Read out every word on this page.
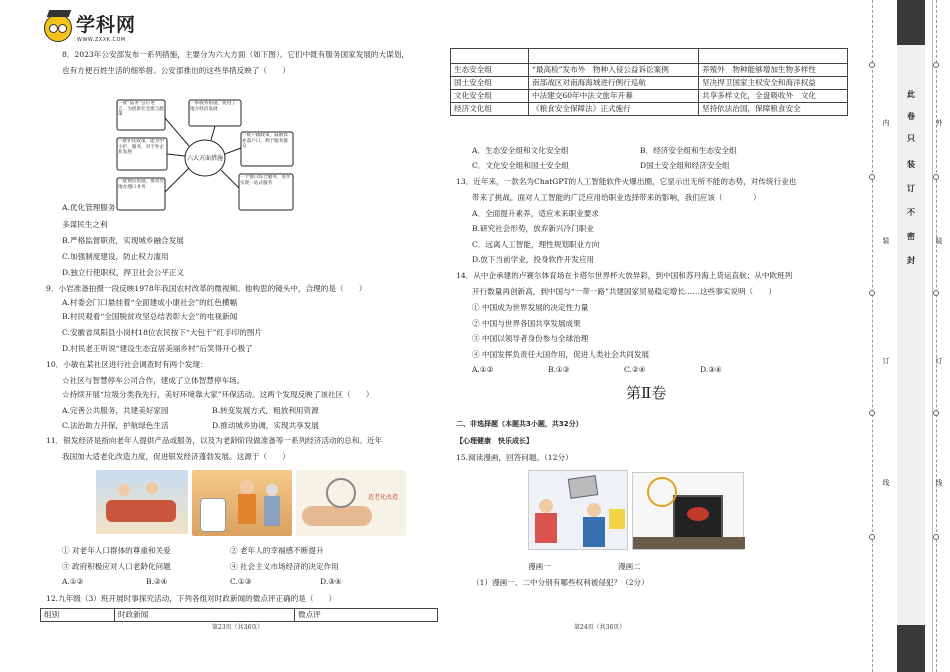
学科网
WWW.ZXXK.COM
8．2023年公安部发布一系列措施，主要分为六大方面（如下图）。它们中既有服务国家发展的大谋划，
也有方便百姓生活的细举措。公安部推出的这些举措反映了（　　）
六大方面措施
一批“法务”公正进言，为创新社会建言献策
一系服务措施，促进了地方经济发展
一批护民政策，能为中小护、服务，对于外企业发展
一批户籍政策，鼓励农业落户口，利于服务群众
一批便民措施，推动异地办理口业务
一个窗口综合服务，进步实现一站式服务
A.优化管理服务
多谋民生之利
B.严格监督职责，实现城乡融合发展
C.加强制度建设，防止权力滥用
D.独立行使职权，捍卫社会公平正义
9．小岩准备拍摄一段反映1978年我国农村改革的微视频。他构思的镜头中，合理的是（　　）
A.村委会门口悬挂着“全面建成小康社会”的红色横幅
B.村民观看“全国脱贫攻坚总结表彰大会”的电视新闻
C.安徽省凤阳县小岗村18位农民按下“大包干”红手印的图片
D.村民老王听说“建设生态宜居美丽乡村”后笑得开心极了
10．小敏在某社区进行社会调查时有两个发现：
☆社区与智慧停车公司合作，建成了立体智慧停车场。
☆持续开展“垃圾分类我先行，美好环境靠大家”环保活动。这两个发现反映了该社区（　　）
A.完善公共服务，共建美好家园	B.转变发展方式，粗放利用资源
C.法治助力开保，护航绿色生活	D.推动城乡协调，实现共享发展
11．银发经济是指向老年人提供产品或服务，以及为老龄阶段做准备等一系列经济活动的总和。近年
我国加大适老化改造力度，促进银发经济蓬勃发展。这源于（　　）
适老化改造
① 对老年人口群体的尊重和关爱	② 老年人的幸福感不断提升
③ 政府积极应对人口老龄化问题	④ 社会主义市场经济的决定作用
A.①②	B.②④	C.①③	D.③④
12.九年级（3）班开展时事探究活动，下列各组对时政新闻的微点评正确的是（　　）
组别	时政新闻	微点评
第23页（共36页）

生态安全组	“最高检”发布外　物种入侵公益诉讼案例	养殖外　物种能够增加生物多样性
国土安全组	南部战区对南海海域进行例行巡航	坚决捍卫国家主权安全和海洋权益
文化安全组	中法建交60年中法文旅年开幕	共享多样文化，全盘吸收外　文化
经济文化组	《粮食安全保障法》正式施行	坚持依法治国，保障粮食安全
A．生态安全组和文化安全组	B．经济安全组和生态安全组
C．文化安全组和国土安全组	D国土安全组和经济安全组
13．近年来，一款名为ChatGPT的人工智能软件火爆出圈，它显示出无所不能的态势，对传统行业也
带来了挑战。面对人工智能的广泛应用给职业选择带来的影响，我们应该（　　　　）
A．全面提升素养，适应未来职业要求
B.研究社会形势，放弃新兴冷门职业
C．远离人工智能，理性规划职业方向
D.放下当前学业，投身软件开发应用
14．从中企承建的卢赛尔体育场在卡塔尔世界杯大放异彩，到中国和苏丹海上货运直航；从中欧班列
开行数量再创新高，到中国与“一带一路”共建国家贸易稳定增长……这些事实说明（　　）
① 中国成为世界发展的决定性力量
② 中国与世界各国共享发展成果
③ 中国以领导者身份参与全球治理
④ 中国发挥负责任大国作用，促进人类社会共同发展
A.①②	B.①③	C.②④	D.③④
第Ⅱ卷
二、非选择题（本题共3小题，共32分）
【心理健康　快乐成长】
15.阅读漫画，回答问题。（12分）
漫画一	漫画二
（1）漫画一、二中分别有哪些权利被侵犯？（2分）
第24页（共36页）
内
装
订
线
此
卷
只
装
订
不
密
封
外
装
订
线
